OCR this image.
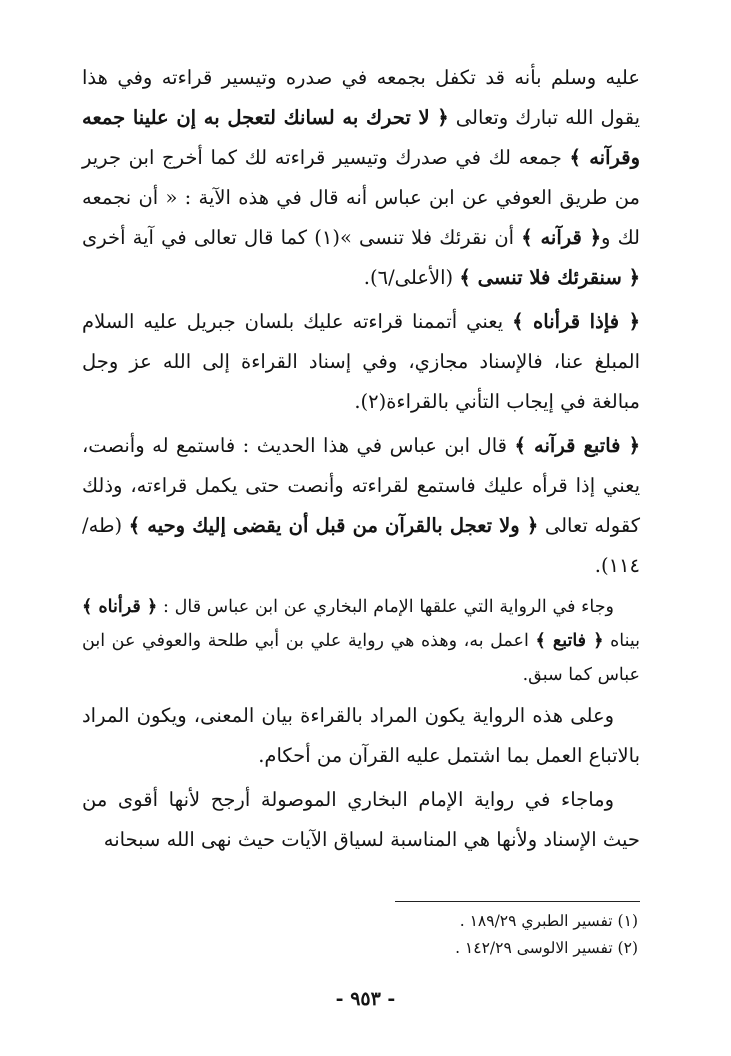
عليه وسلم بأنه قد تكفل بجمعه في صدره وتيسير قراءته وفي هذا يقول الله تبارك وتعالى ﴿ لا تحرك به لسانك لتعجل به إن علينا جمعه وقرآنه ﴾ جمعه لك في صدرك وتيسير قراءته لك كما أخرج ابن جرير من طريق العوفي عن ابن عباس أنه قال في هذه الآية : « أن نجمعه لك و﴿ قرآنه ﴾ أن نقرئك فلا تنسى »(١) كما قال تعالى في آية أخرى ﴿ سنقرئك فلا تنسى ﴾ (الأعلى/٦).

﴿ فإذا قرأناه ﴾ يعني أتممنا قراءته عليك بلسان جبريل عليه السلام المبلغ عنا، فالإسناد مجازي، وفي إسناد القراءة إلى الله عز وجل مبالغة في إيجاب التأني بالقراءة(٢).

﴿ فاتبع قرآنه ﴾ قال ابن عباس في هذا الحديث : فاستمع له وأنصت، يعني إذا قرأه عليك فاستمع لقراءته وأنصت حتى يكمل قراءته، وذلك كقوله تعالى ﴿ ولا تعجل بالقرآن من قبل أن يقضى إليك وحيه ﴾ (طه/١١٤).

وجاء في الرواية التي علقها الإمام البخاري عن ابن عباس قال : ﴿ قرأناه ﴾ بيناه ﴿ فاتبع ﴾ اعمل به، وهذه هي رواية علي بن أبي طلحة والعوفي عن ابن عباس كما سبق.

وعلى هذه الرواية يكون المراد بالقراءة بيان المعنى، ويكون المراد بالاتباع العمل بما اشتمل عليه القرآن من أحكام.

وماجاء في رواية الإمام البخاري الموصولة أرجح لأنها أقوى من حيث الإسناد ولأنها هي المناسبة لسياق الآيات حيث نهى الله سبحانه

(١) تفسير الطبري ١٨٩/٢٩ .
(٢) تفسير الالوسى ١٤٢/٢٩ .
- ٩٥٣ -
